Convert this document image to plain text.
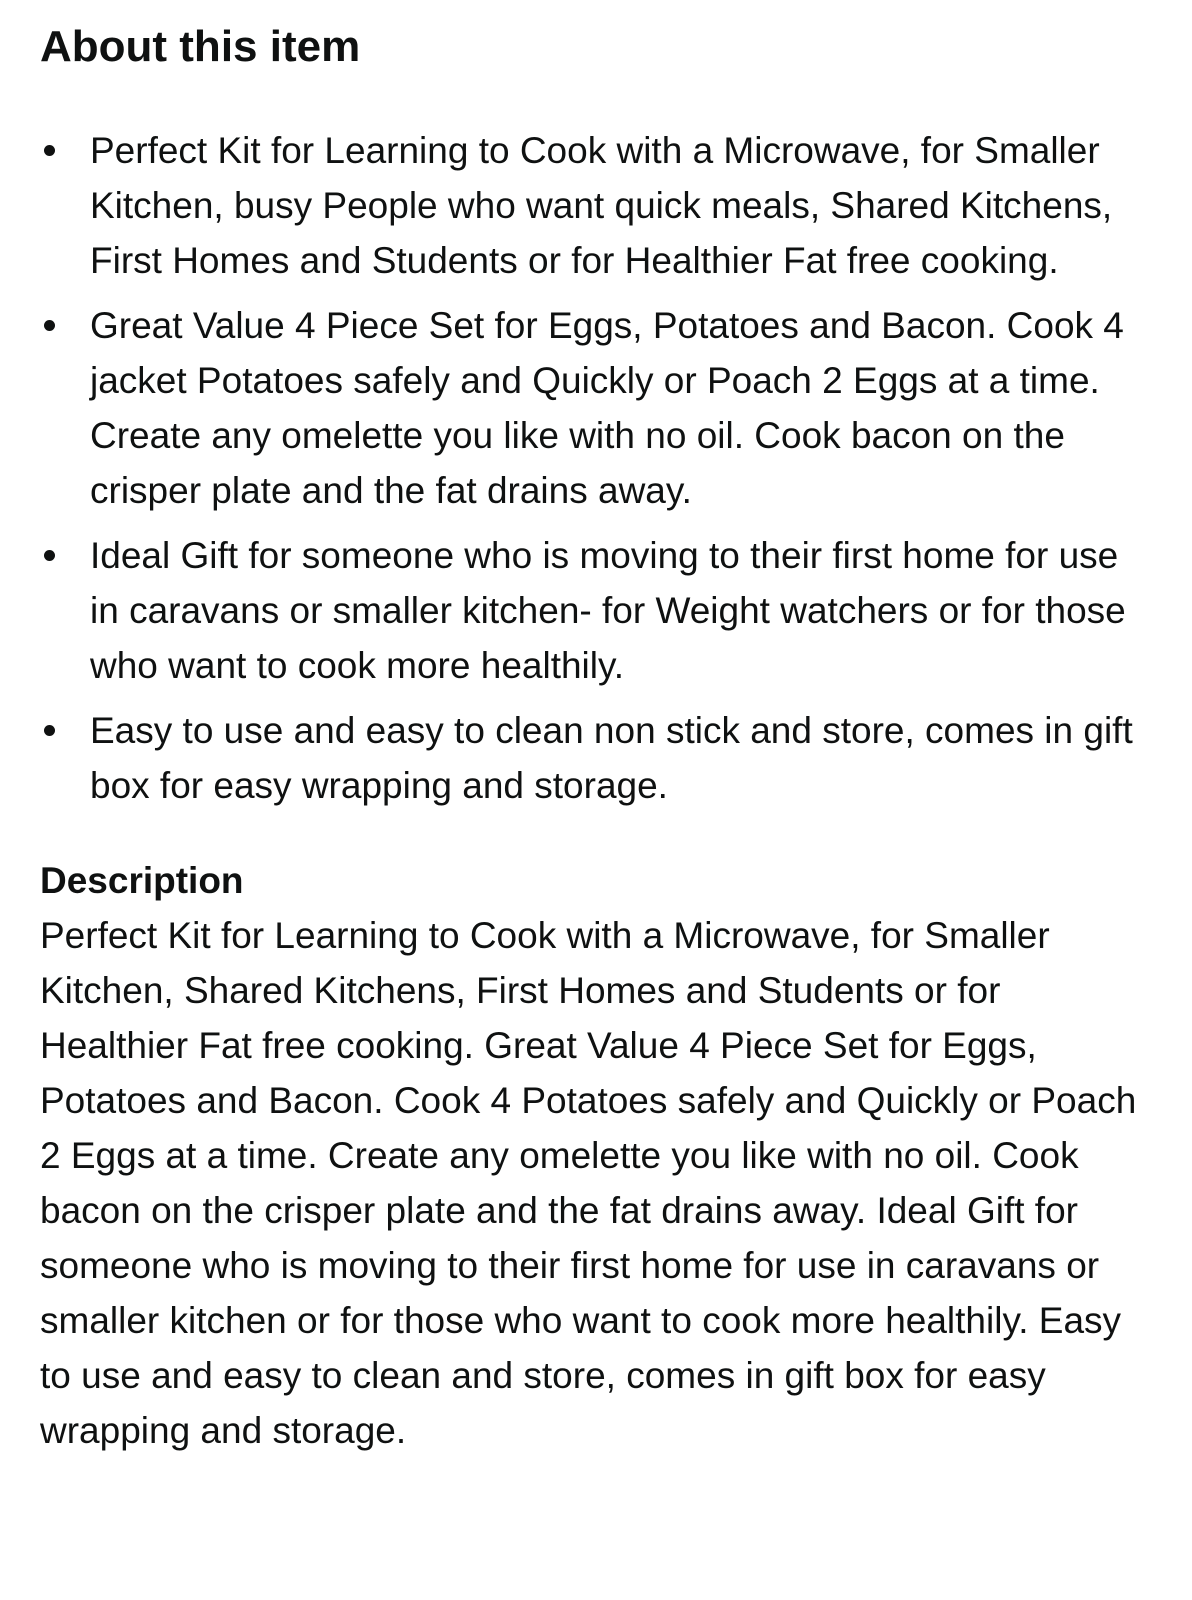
About this item
Perfect Kit for Learning to Cook with a Microwave, for Smaller Kitchen, busy People who want quick meals, Shared Kitchens, First Homes and Students or for Healthier Fat free cooking.
Great Value 4 Piece Set for Eggs, Potatoes and Bacon. Cook 4 jacket Potatoes safely and Quickly or Poach 2 Eggs at a time. Create any omelette you like with no oil. Cook bacon on the crisper plate and the fat drains away.
Ideal Gift for someone who is moving to their first home for use in caravans or smaller kitchen- for Weight watchers or for those who want to cook more healthily.
Easy to use and easy to clean non stick and store, comes in gift box for easy wrapping and storage.
Description

Perfect Kit for Learning to Cook with a Microwave, for Smaller Kitchen, Shared Kitchens, First Homes and Students or for Healthier Fat free cooking. Great Value 4 Piece Set for Eggs, Potatoes and Bacon. Cook 4 Potatoes safely and Quickly or Poach 2 Eggs at a time. Create any omelette you like with no oil. Cook bacon on the crisper plate and the fat drains away. Ideal Gift for someone who is moving to their first home for use in caravans or smaller kitchen or for those who want to cook more healthily. Easy to use and easy to clean and store, comes in gift box for easy wrapping and storage.
